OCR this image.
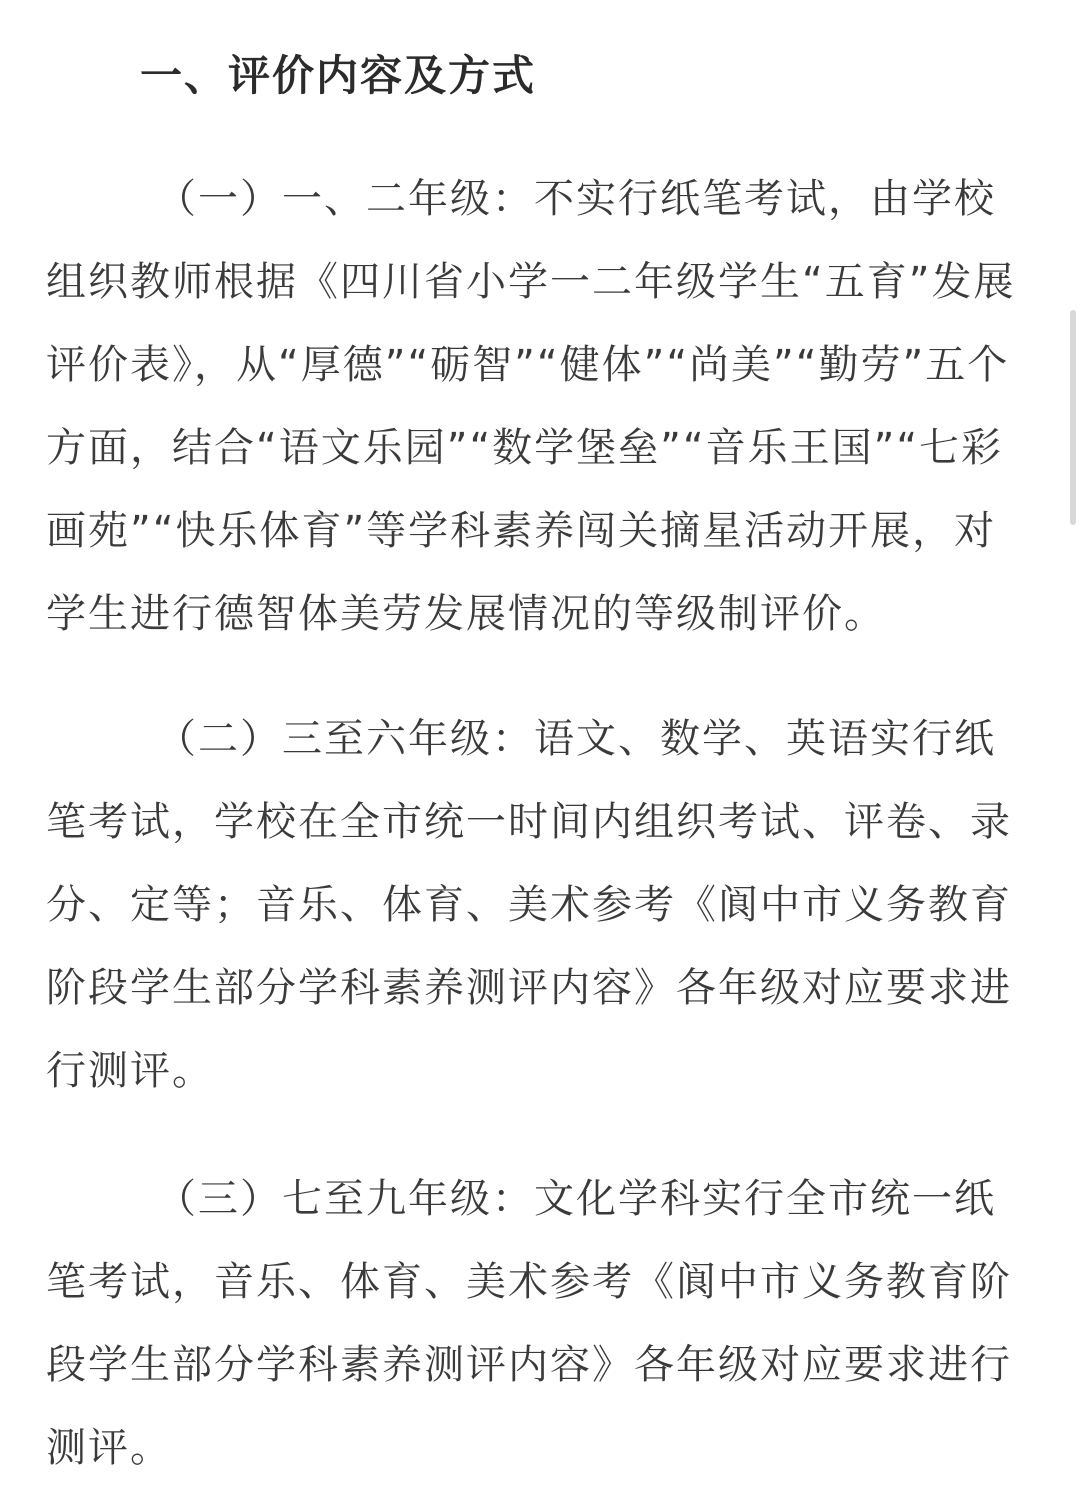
一、评价内容及方式
（一）一、二年级：不实行纸笔考试，由学校
组织教师根据《四川省小学一二年级学生“五育”发展
评价表》，从“厚德”“砺智”“健体”“尚美”“勤劳”五个
方面，结合“语文乐园”“数学堡垒”“音乐王国”“七彩
画苑”“快乐体育”等学科素养闯关摘星活动开展，对
学生进行德智体美劳发展情况的等级制评价。
（二）三至六年级：语文、数学、英语实行纸
笔考试，学校在全市统一时间内组织考试、评卷、录
分、定等；音乐、体育、美术参考《阆中市义务教育
阶段学生部分学科素养测评内容》各年级对应要求进
行测评。
（三）七至九年级：文化学科实行全市统一纸
笔考试，音乐、体育、美术参考《阆中市义务教育阶
段学生部分学科素养测评内容》各年级对应要求进行
测评。
